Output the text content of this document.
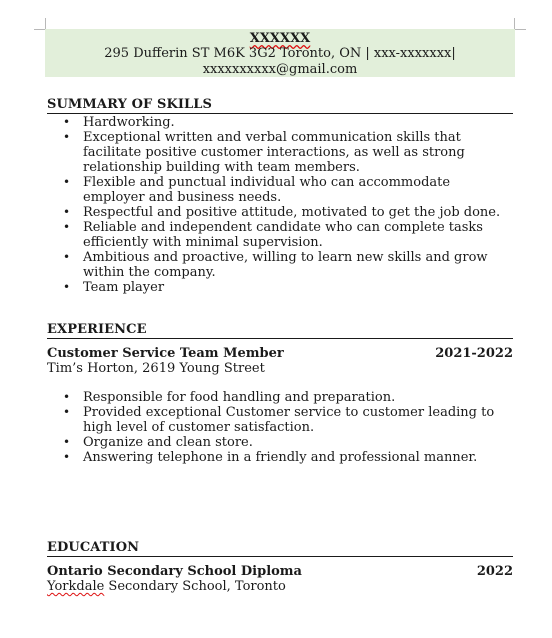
XXXXXX
295 Dufferin ST M6K 3G2 Toronto, ON | xxx-xxxxxxx|
xxxxxxxxxx@gmail.com
SUMMARY OF SKILLS
• Hardworking.
• Exceptional written and verbal communication skills that facilitate positive customer interactions, as well as strong relationship building with team members.
• Flexible and punctual individual who can accommodate employer and business needs.
• Respectful and positive attitude, motivated to get the job done.
• Reliable and independent candidate who can complete tasks efficiently with minimal supervision.
• Ambitious and proactive, willing to learn new skills and grow within the company.
• Team player
EXPERIENCE
Customer Service Team Member	2021-2022
Tim’s Horton, 2619 Young Street
• Responsible for food handling and preparation.
• Provided exceptional Customer service to customer leading to high level of customer satisfaction.
• Organize and clean store.
• Answering telephone in a friendly and professional manner.
EDUCATION
Ontario Secondary School Diploma	2022
Yorkdale Secondary School, Toronto
